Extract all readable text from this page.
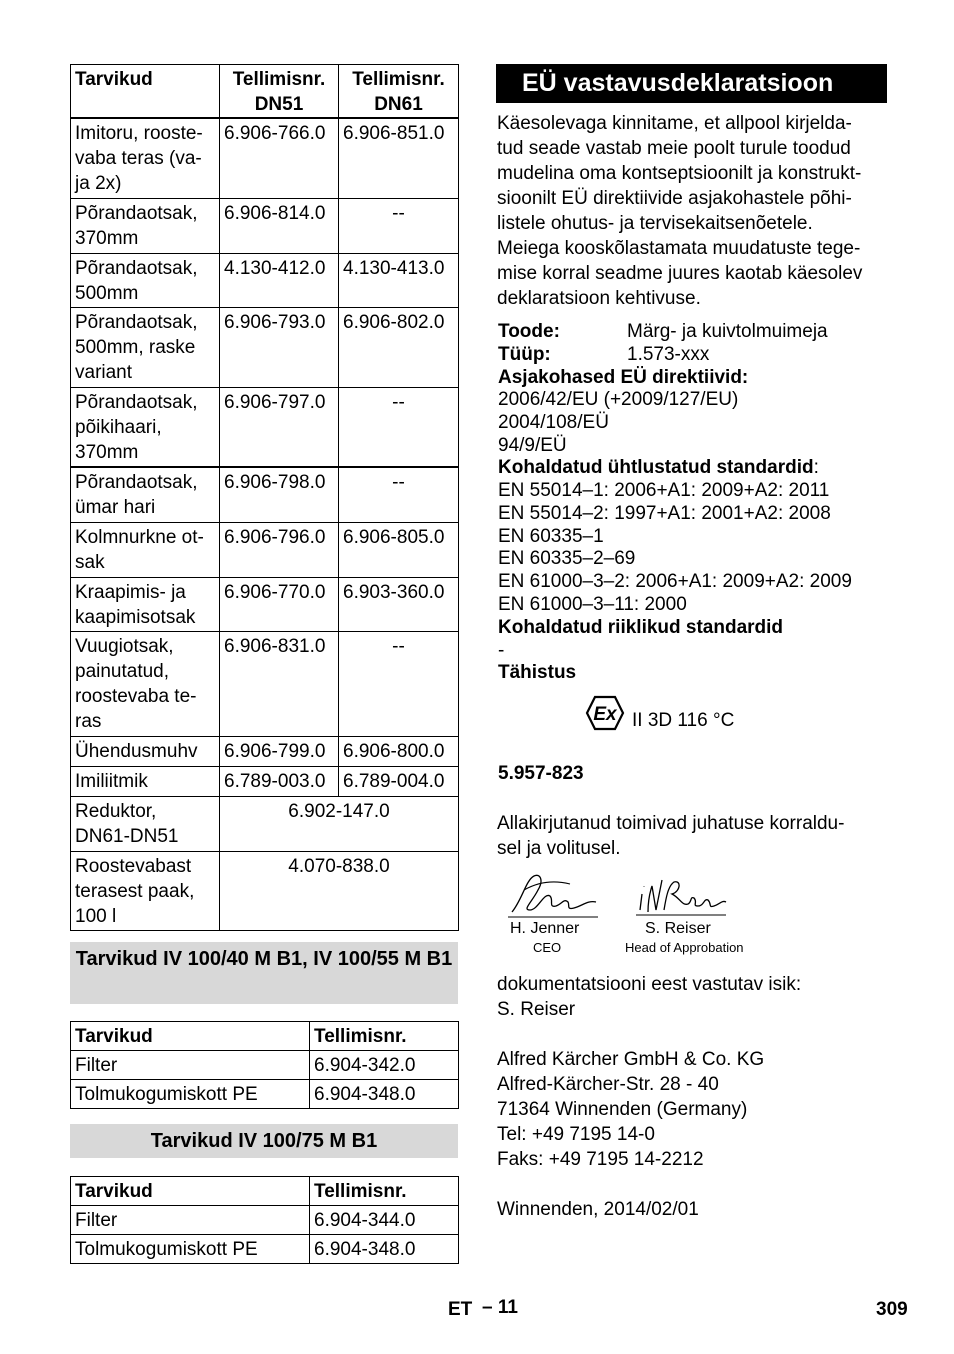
Tarvikud	Tellimisnr. DN51	Tellimisnr. DN61
Imitoru, rooste-vaba teras (va-ja 2x)	6.906-766.0	6.906-851.0
Põrandaotsak, 370mm	6.906-814.0	--
Põrandaotsak, 500mm	4.130-412.0	4.130-413.0
Põrandaotsak, 500mm, raske variant	6.906-793.0	6.906-802.0
Põrandaotsak, põikihaari, 370mm	6.906-797.0	--
Põrandaotsak, ümar hari	6.906-798.0	--
Kolmnurkne ot-sak	6.906-796.0	6.906-805.0
Kraapimis- ja kaapimisotsak	6.906-770.0	6.903-360.0
Vuugiotsak, painutatud, roostevaba te-ras	6.906-831.0	--
Ühendusmuhv	6.906-799.0	6.906-800.0
Imiliitmik	6.789-003.0	6.789-004.0
Reduktor, DN61-DN51	6.902-147.0	
Roostevabast terasest paak, 100 l	4.070-838.0	
Tarvikud IV 100/40 M B1, IV 100/55 M B1
Tarvikud	Tellimisnr.
Filter	6.904-342.0
Tolmukogumiskott PE	6.904-348.0
Tarvikud IV 100/75 M B1
Tarvikud	Tellimisnr.
Filter	6.904-344.0
Tolmukogumiskott PE	6.904-348.0
EÜ vastavusdeklaratsioon
Käesolevaga kinnitame, et allpool kirjelda-
tud seade vastab meie poolt turule toodud
mudelina oma kontseptsioonilt ja konstrukt-
sioonilt EÜ direktiivide asjakohastele põhi-
listele ohutus- ja tervisekaitsenõetele.
Meiega kooskõlastamata muudatuste tege-
mise korral seadme juures kaotab käesolev
deklaratsioon kehtivuse.
Toode:	Märg- ja kuivtolmuimeja
Tüüp:	1.573-xxx
Asjakohased EÜ direktiivid:
2006/42/EU (+2009/127/EU)
2004/108/EÜ
94/9/EÜ
Kohaldatud ühtlustatud standardid:
EN 55014–1: 2006+A1: 2009+A2: 2011
EN 55014–2: 1997+A1: 2001+A2: 2008
EN 60335–1
EN 60335–2–69
EN 61000–3–2: 2006+A1: 2009+A2: 2009
EN 61000–3–11: 2000
Kohaldatud riiklikud standardid
-
Tähistus
Ex II 3D 116 °C
5.957-823
Allakirjutanud toimivad juhatuse korraldu-
sel ja volitusel.
H. Jenner	S. Reiser
CEO	Head of Approbation
dokumentatsiooni eest vastutav isik:
S. Reiser
Alfred Kärcher GmbH & Co. KG
Alfred-Kärcher-Str. 28 - 40
71364 Winnenden (Germany)
Tel: +49 7195 14-0
Faks: +49 7195 14-2212
Winnenden, 2014/02/01
ET – 11	309
